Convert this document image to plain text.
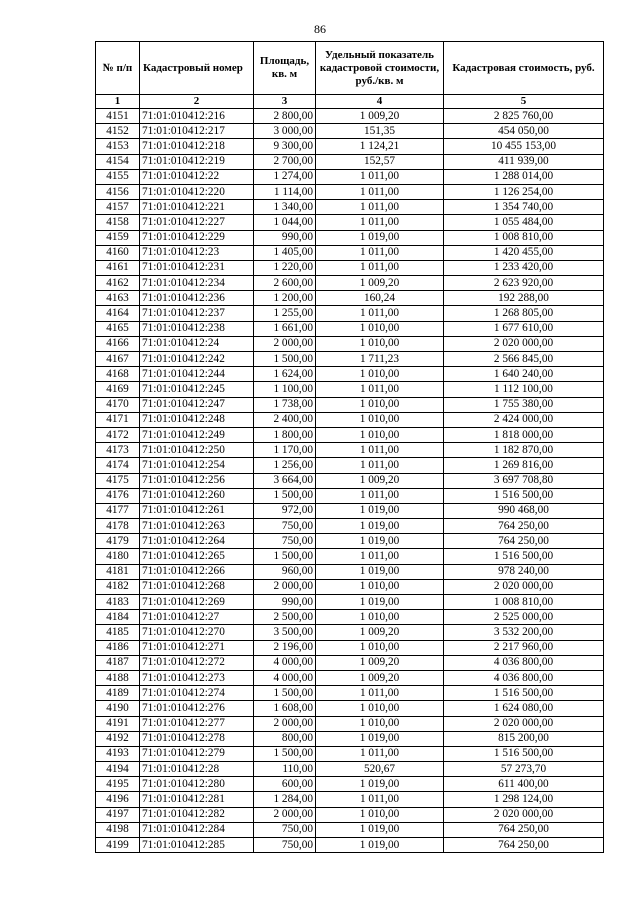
86
№ п/п	Кадастровый номер	Площадь, кв. м	Удельный показатель кадастровой стоимости, руб./кв. м	Кадастровая стоимость, руб.
1	2	3	4	5
4151	71:01:010412:216	2 800,00	1 009,20	2 825 760,00
4152	71:01:010412:217	3 000,00	151,35	454 050,00
4153	71:01:010412:218	9 300,00	1 124,21	10 455 153,00
4154	71:01:010412:219	2 700,00	152,57	411 939,00
4155	71:01:010412:22	1 274,00	1 011,00	1 288 014,00
4156	71:01:010412:220	1 114,00	1 011,00	1 126 254,00
4157	71:01:010412:221	1 340,00	1 011,00	1 354 740,00
4158	71:01:010412:227	1 044,00	1 011,00	1 055 484,00
4159	71:01:010412:229	990,00	1 019,00	1 008 810,00
4160	71:01:010412:23	1 405,00	1 011,00	1 420 455,00
4161	71:01:010412:231	1 220,00	1 011,00	1 233 420,00
4162	71:01:010412:234	2 600,00	1 009,20	2 623 920,00
4163	71:01:010412:236	1 200,00	160,24	192 288,00
4164	71:01:010412:237	1 255,00	1 011,00	1 268 805,00
4165	71:01:010412:238	1 661,00	1 010,00	1 677 610,00
4166	71:01:010412:24	2 000,00	1 010,00	2 020 000,00
4167	71:01:010412:242	1 500,00	1 711,23	2 566 845,00
4168	71:01:010412:244	1 624,00	1 010,00	1 640 240,00
4169	71:01:010412:245	1 100,00	1 011,00	1 112 100,00
4170	71:01:010412:247	1 738,00	1 010,00	1 755 380,00
4171	71:01:010412:248	2 400,00	1 010,00	2 424 000,00
4172	71:01:010412:249	1 800,00	1 010,00	1 818 000,00
4173	71:01:010412:250	1 170,00	1 011,00	1 182 870,00
4174	71:01:010412:254	1 256,00	1 011,00	1 269 816,00
4175	71:01:010412:256	3 664,00	1 009,20	3 697 708,80
4176	71:01:010412:260	1 500,00	1 011,00	1 516 500,00
4177	71:01:010412:261	972,00	1 019,00	990 468,00
4178	71:01:010412:263	750,00	1 019,00	764 250,00
4179	71:01:010412:264	750,00	1 019,00	764 250,00
4180	71:01:010412:265	1 500,00	1 011,00	1 516 500,00
4181	71:01:010412:266	960,00	1 019,00	978 240,00
4182	71:01:010412:268	2 000,00	1 010,00	2 020 000,00
4183	71:01:010412:269	990,00	1 019,00	1 008 810,00
4184	71:01:010412:27	2 500,00	1 010,00	2 525 000,00
4185	71:01:010412:270	3 500,00	1 009,20	3 532 200,00
4186	71:01:010412:271	2 196,00	1 010,00	2 217 960,00
4187	71:01:010412:272	4 000,00	1 009,20	4 036 800,00
4188	71:01:010412:273	4 000,00	1 009,20	4 036 800,00
4189	71:01:010412:274	1 500,00	1 011,00	1 516 500,00
4190	71:01:010412:276	1 608,00	1 010,00	1 624 080,00
4191	71:01:010412:277	2 000,00	1 010,00	2 020 000,00
4192	71:01:010412:278	800,00	1 019,00	815 200,00
4193	71:01:010412:279	1 500,00	1 011,00	1 516 500,00
4194	71:01:010412:28	110,00	520,67	57 273,70
4195	71:01:010412:280	600,00	1 019,00	611 400,00
4196	71:01:010412:281	1 284,00	1 011,00	1 298 124,00
4197	71:01:010412:282	2 000,00	1 010,00	2 020 000,00
4198	71:01:010412:284	750,00	1 019,00	764 250,00
4199	71:01:010412:285	750,00	1 019,00	764 250,00
